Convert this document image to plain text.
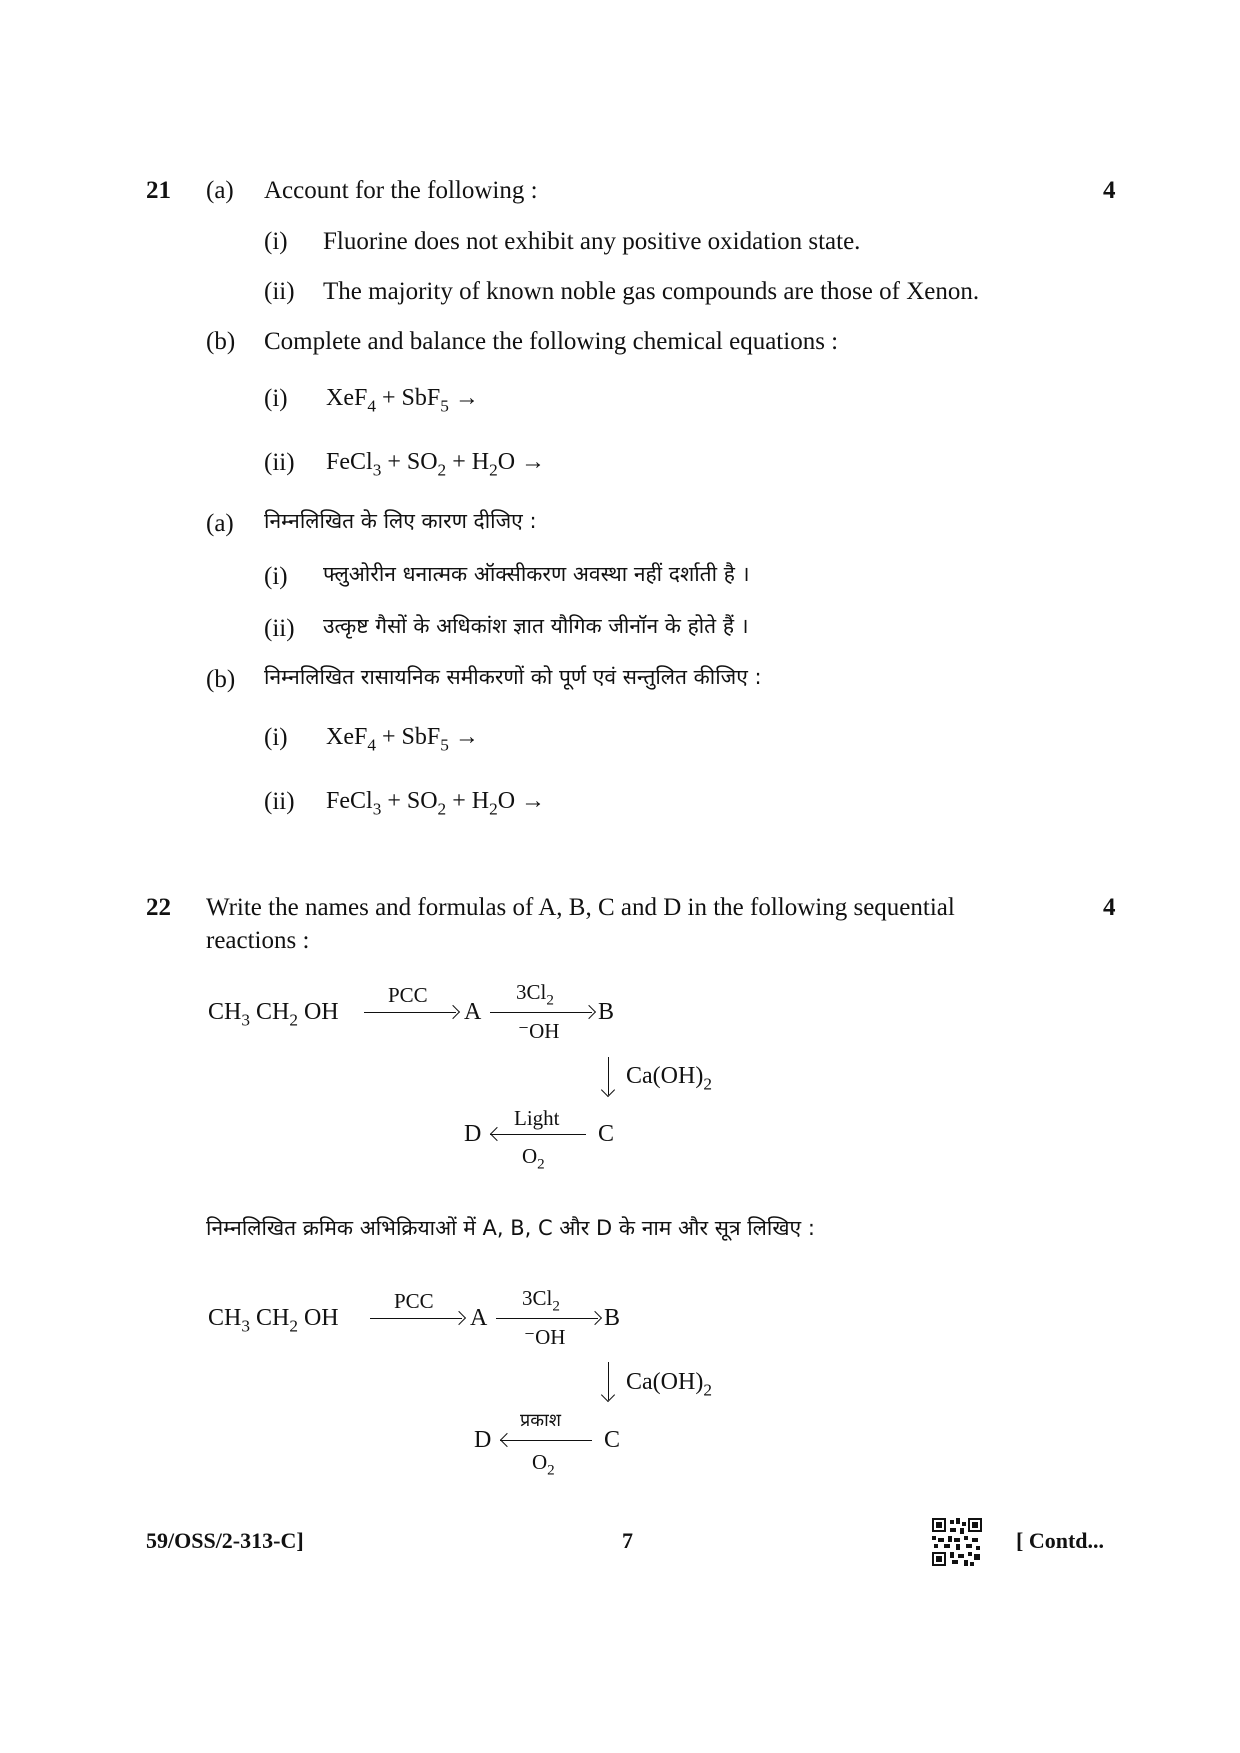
21	4
(a) Account for the following :
(i) Fluorine does not exhibit any positive oxidation state.
(ii) The majority of known noble gas compounds are those of Xenon.
(b) Complete and balance the following chemical equations :
(i) XeF$_4$ + SbF$_5$ →
(ii) FeCl$_3$ + $SO_2 + H_2O$ →
(a) निम्नलिखित के लिए कारण दीजिए :
(i) फ्लुओरीन धनात्मक ऑक्सीकरण अवस्था नहीं दर्शाती है ।
(ii) उत्कृष्ट गैसों के अधिकांश ज्ञात यौगिक जीनॉन के होते हैं ।
(b) निम्नलिखित रासायनिक समीकरणों को पूर्ण एवं सन्तुलित कीजिए :
(i) XeF$_4$ + SbF$_5$ →
(ii) FeCl$_3$ + $SO_2 + H_2O$ →
22	4
Write the names and formulas of A, B, C and D in the following sequential
reactions :
$CH_3$ $CH_2$ OH
PCC
A
$3Cl_2$
⁻OH
B
$Ca(OH)_2$
D
Light
$O_2$
C
निम्नलिखित क्रमिक अभिक्रियाओं में A, B, C और D के नाम और सूत्र लिखिए :
$CH_3$ $CH_2$ OH
PCC
A
$3Cl_2$
⁻OH
B
$Ca(OH)_2$
D
प्रकाश
$O_2$
C
59/OSS/2-313-C]	7	[ Contd...
